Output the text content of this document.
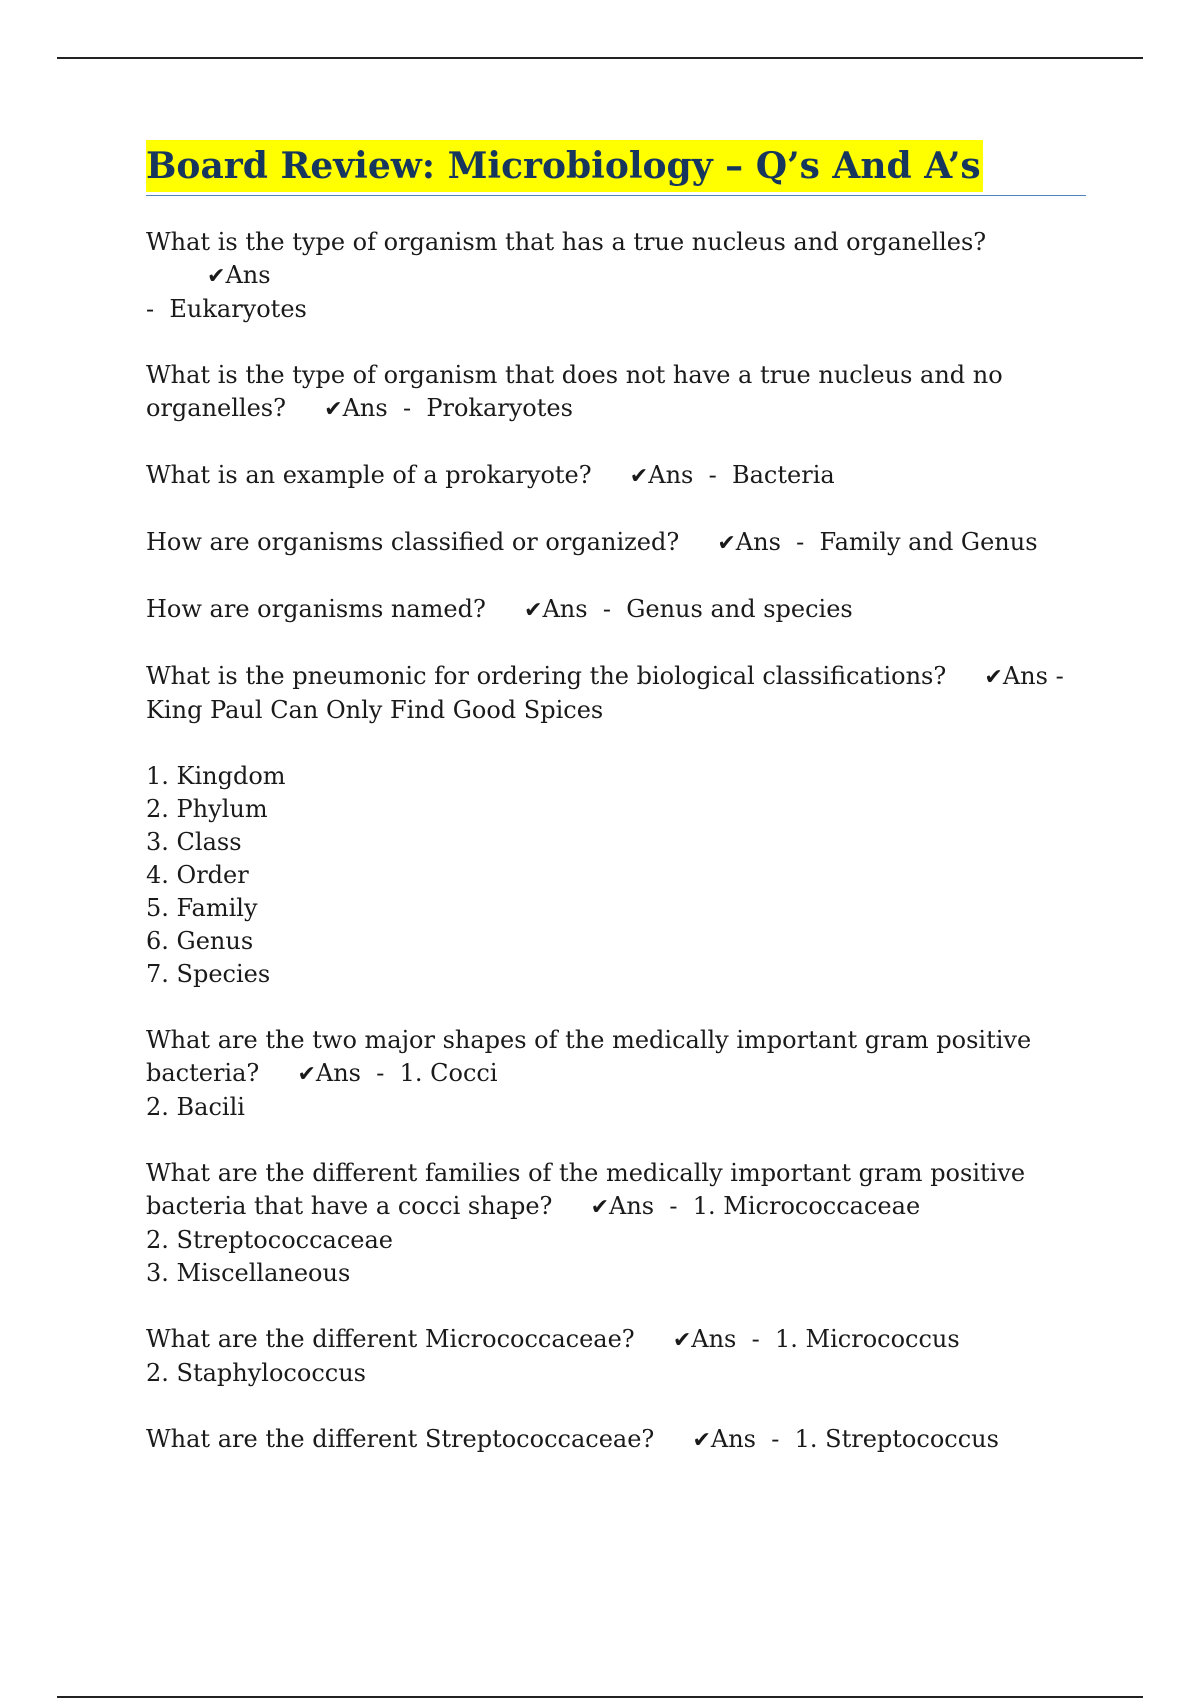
Board Review: Microbiology – Q’s And A’s
What is the type of organism that has a true nucleus and organelles?         ✔Ans
- Eukaryotes
What is the type of organism that does not have a true nucleus and no organelles? ✔Ans - Prokaryotes
What is an example of a prokaryote? ✔Ans - Bacteria
How are organisms classified or organized? ✔Ans - Family and Genus
How are organisms named? ✔Ans - Genus and species
What is the pneumonic for ordering the biological classifications? ✔Ans -
King Paul Can Only Find Good Spices
1. Kingdom
2. Phylum
3. Class
4. Order
5. Family
6. Genus
7. Species
What are the two major shapes of the medically important gram positive bacteria? ✔Ans - 1. Cocci
2. Bacili
What are the different families of the medically important gram positive bacteria that have a cocci shape? ✔Ans - 1. Micrococcaceae
2. Streptococcaceae
3. Miscellaneous
What are the different Micrococcaceae? ✔Ans - 1. Micrococcus
2. Staphylococcus
What are the different Streptococcaceae? ✔Ans - 1. Streptococcus
